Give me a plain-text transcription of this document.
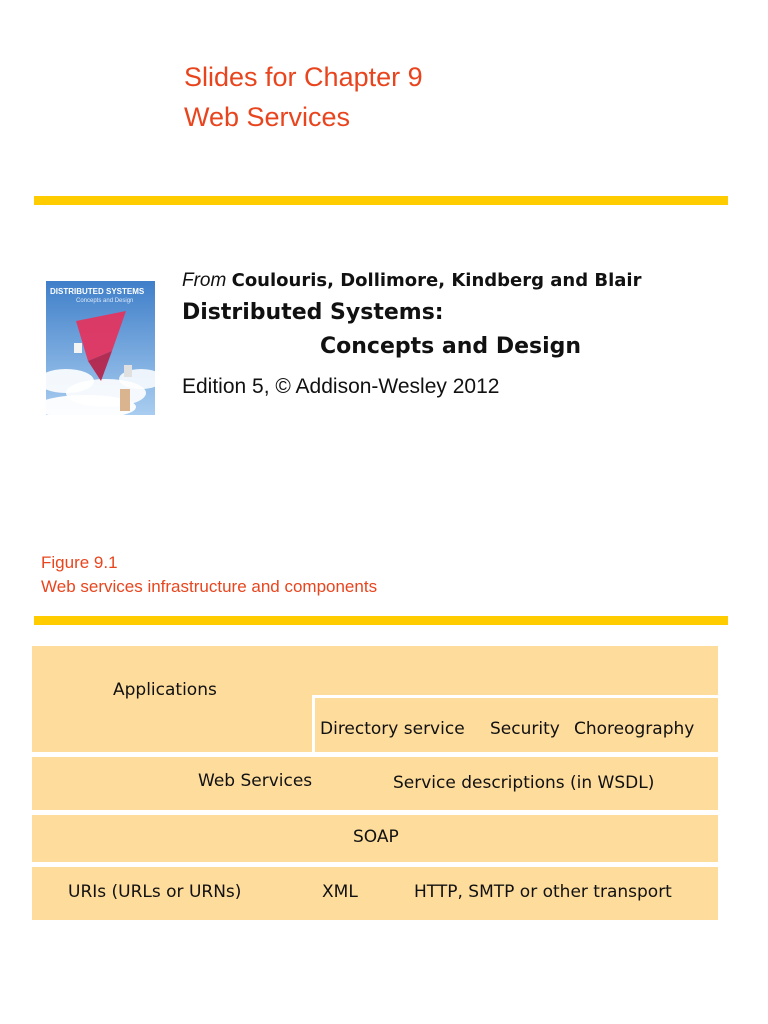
Slides for Chapter 9
Web Services
DISTRIBUTED SYSTEMS
Concepts and Design
From Coulouris, Dollimore, Kindberg and Blair
Distributed Systems:
Concepts and Design
Edition 5, © Addison-Wesley 2012
Figure 9.1
Web services infrastructure and components
Applications
Directory service Security Choreography
Web Services	Service descriptions (in WSDL)
SOAP
URIs (URLs or URNs)	XML	HTTP, SMTP or other transport
